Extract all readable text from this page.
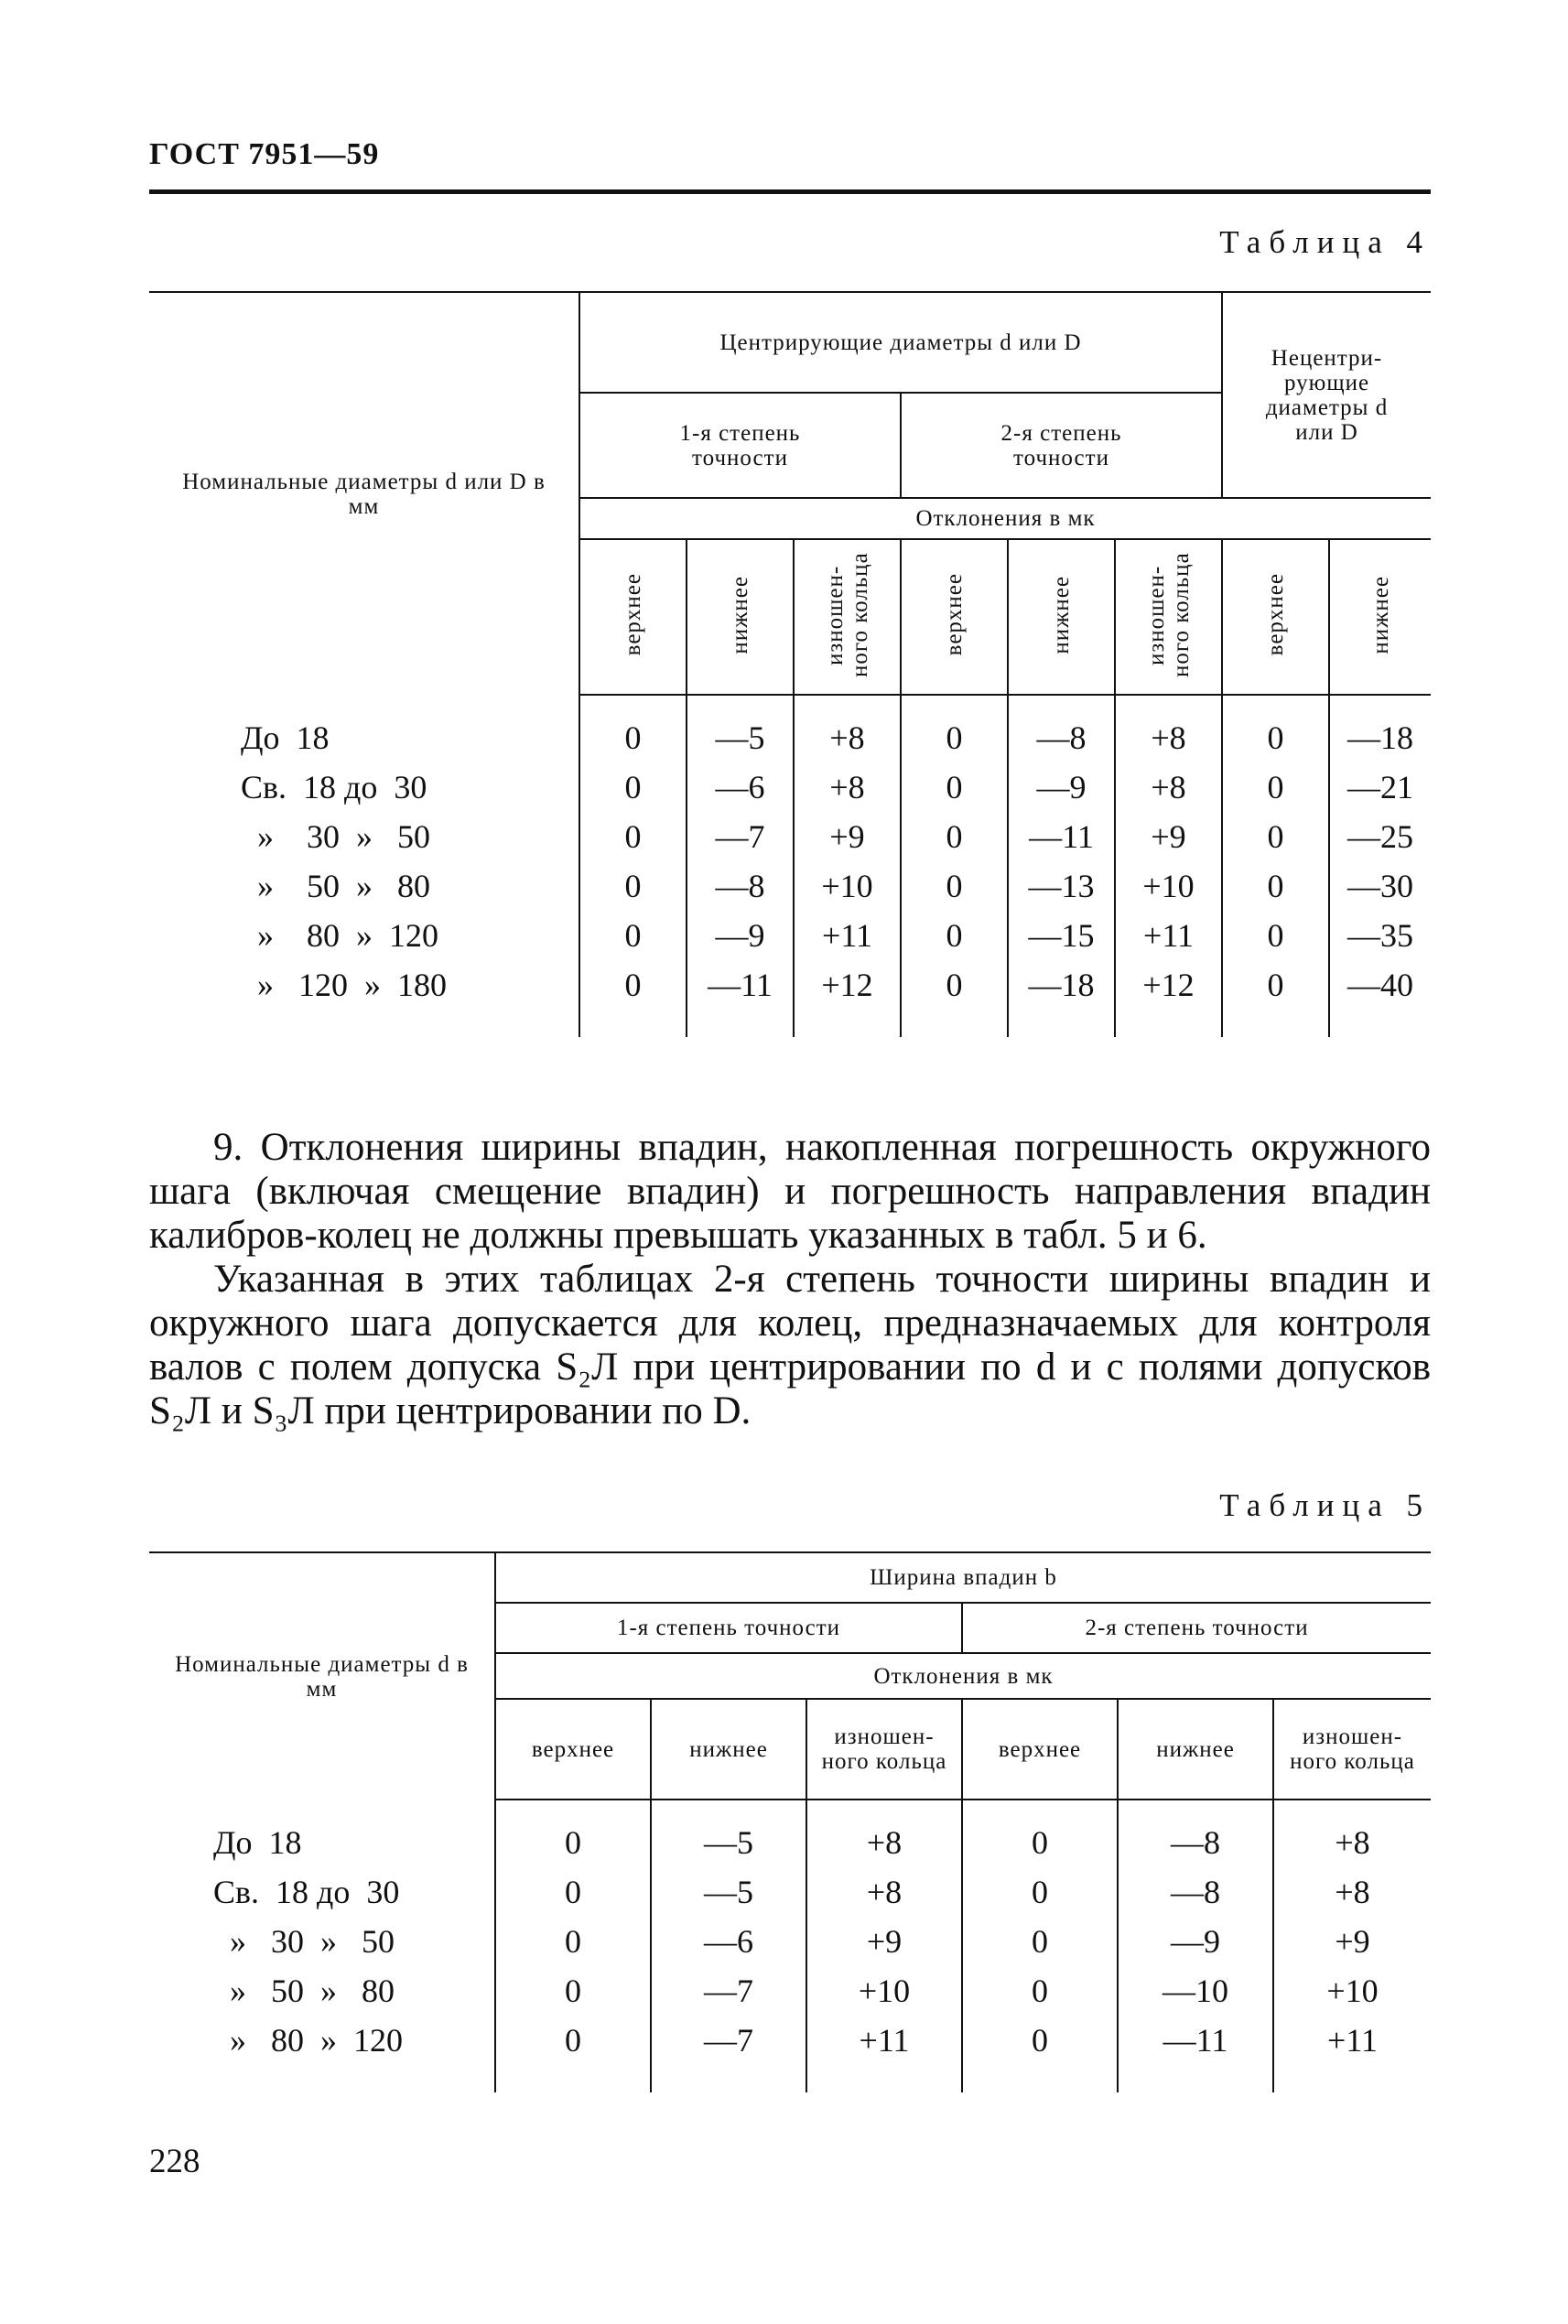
ГОСТ 7951—59
Таблица 4
Номинальные диаметры d или D в мм	Центрирующие диаметры d или D						Нецентри-рующие диаметры d или D	
	1-я степень точности			2-я степень точности				
	Отклонения в мк							
	верхнее	нижнее	изношен-ного кольца	верхнее	нижнее	изношен-ного кольца	верхнее	нижнее

До  18	0	—5	+8	0	—8	+8	0	—18
Св.  18 до  30	0	—6	+8	0	—9	+8	0	—21
»    30  »   50	0	—7	+9	0	—11	+9	0	—25
»    50  »   80	0	—8	+10	0	—13	+10	0	—30
»    80  »  120	0	—9	+11	0	—15	+11	0	—35
»   120  »  180	0	—11	+12	0	—18	+12	0	—40

9. Отклонения ширины впадин, накопленная погрешность окружного шага (включая смещение впадин) и погрешность направления впадин калибров-колец не должны превышать указанных в табл. 5 и 6.

Указанная в этих таблицах 2-я степень точности ширины впадин и окружного шага допускается для колец, предназначаемых для контроля валов с полем допуска S₂Л при центрировании по d и с полями допусков S₂Л и S₃Л при центрировании по D.

Таблица 5
Номинальные диаметры d в мм	Ширина впадин b					
	1-я степень точности			2-я степень точности		
	Отклонения в мк					
	верхнее	нижнее	изношен-ного кольца	верхнее	нижнее	изношен-ного кольца

До  18	0	—5	+8	0	—8	+8
Св.  18 до  30	0	—5	+8	0	—8	+8
»   30  »   50	0	—6	+9	0	—9	+9
»   50  »   80	0	—7	+10	0	—10	+10
»   80  »  120	0	—7	+11	0	—11	+11

228
